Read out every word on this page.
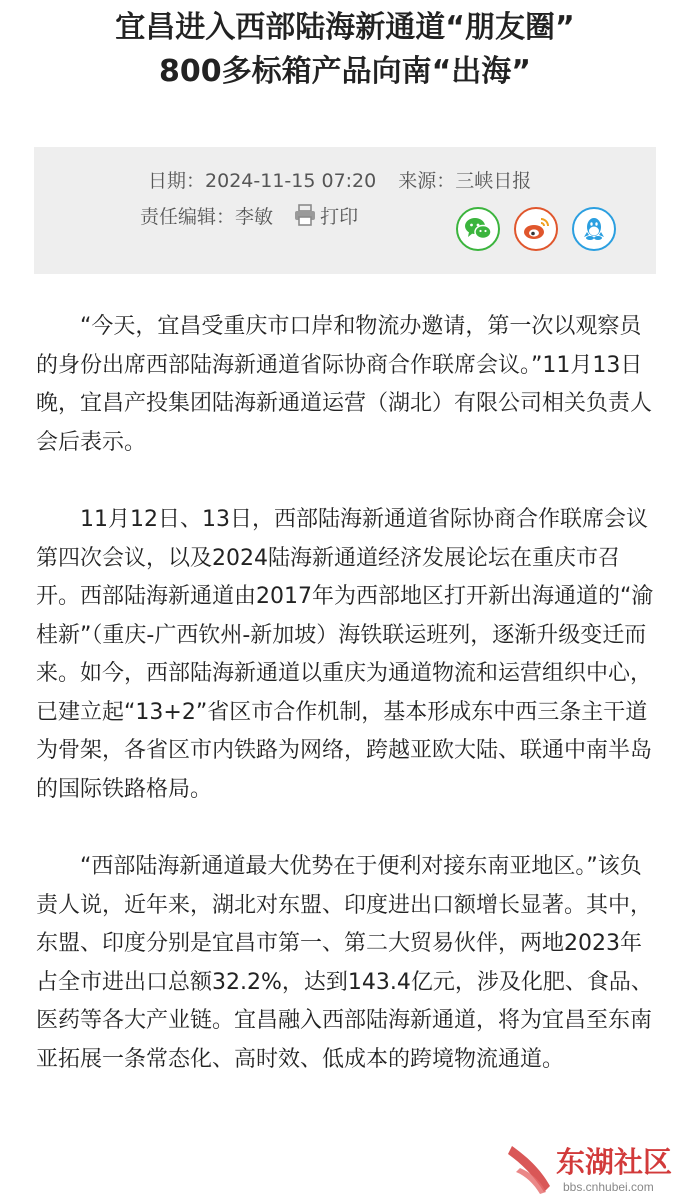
宜昌进入西部陆海新通道“朋友圈”
800多标箱产品向南“出海”
日期：2024-11-15 07:20 来源：三峡日报
责任编辑：李敏 打印

“今天，宜昌受重庆市口岸和物流办邀请，第一次以观察员的身份出席西部陆海新通道省际协商合作联席会议。”11月13日晚，宜昌产投集团陆海新通道运营（湖北）有限公司相关负责人会后表示。

11月12日、13日，西部陆海新通道省际协商合作联席会议第四次会议，以及2024陆海新通道经济发展论坛在重庆市召开。西部陆海新通道由2017年为西部地区打开新出海通道的“渝桂新”（重庆-广西钦州-新加坡）海铁联运班列，逐渐升级变迁而来。如今，西部陆海新通道以重庆为通道物流和运营组织中心，已建立起“13+2”省区市合作机制，基本形成东中西三条主干道为骨架，各省区市内铁路为网络，跨越亚欧大陆、联通中南半岛的国际铁路格局。

“西部陆海新通道最大优势在于便利对接东南亚地区。”该负责人说，近年来，湖北对东盟、印度进出口额增长显著。其中，东盟、印度分别是宜昌市第一、第二大贸易伙伴，两地2023年占全市进出口总额32.2%，达到143.4亿元，涉及化肥、食品、医药等各大产业链。宜昌融入西部陆海新通道，将为宜昌至东南亚拓展一条常态化、高时效、低成本的跨境物流通道。

东湖社区
bbs.cnhubei.com
